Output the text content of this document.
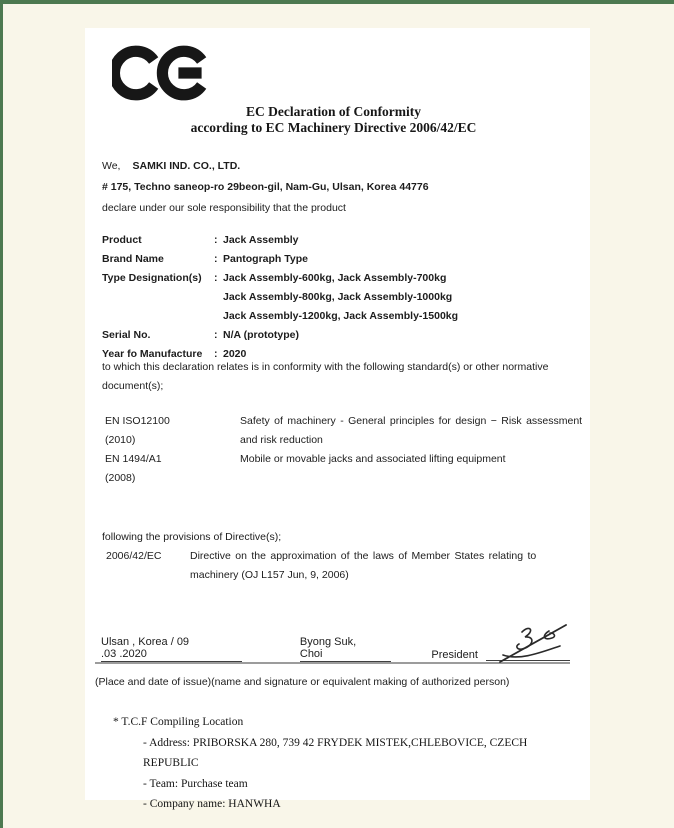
EC Declaration of Conformity
according to EC Machinery Directive 2006/42/EC
We, SAMKI IND. CO., LTD.
# 175, Techno saneop-ro 29beon-gil, Nam-Gu, Ulsan, Korea 44776
declare under our sole responsibility that the product
Product	: Jack Assembly
Brand Name	: Pantograph Type
Type Designation(s)	: Jack Assembly-600kg, Jack Assembly-700kg
Jack Assembly-800kg, Jack Assembly-1000kg
Jack Assembly-1200kg, Jack Assembly-1500kg
Serial No.	: N/A (prototype)
Year fo Manufacture	: 2020
to which this declaration relates is in conformity with the following standard(s) or other normative
document(s);
EN ISO12100	Safety of machinery - General principles for design − Risk assessment
(2010)	and risk reduction
EN 1494/A1	Mobile or movable jacks and associated lifting equipment
(2008)
following the provisions of Directive(s);
2006/42/EC	Directive on the approximation of the laws of Member States relating to
machinery (OJ L157 Jun, 9, 2006)
Ulsan , Korea / 09 .03 .2020
Byong Suk, Choi	President
(Place and date of issue)(name and signature or equivalent making of authorized person)
* T.C.F Compiling Location
- Address: PRIBORSKA 280, 739 42 FRYDEK MISTEK,CHLEBOVICE, CZECH REPUBLIC
- Team: Purchase team
- Company name: HANWHA
